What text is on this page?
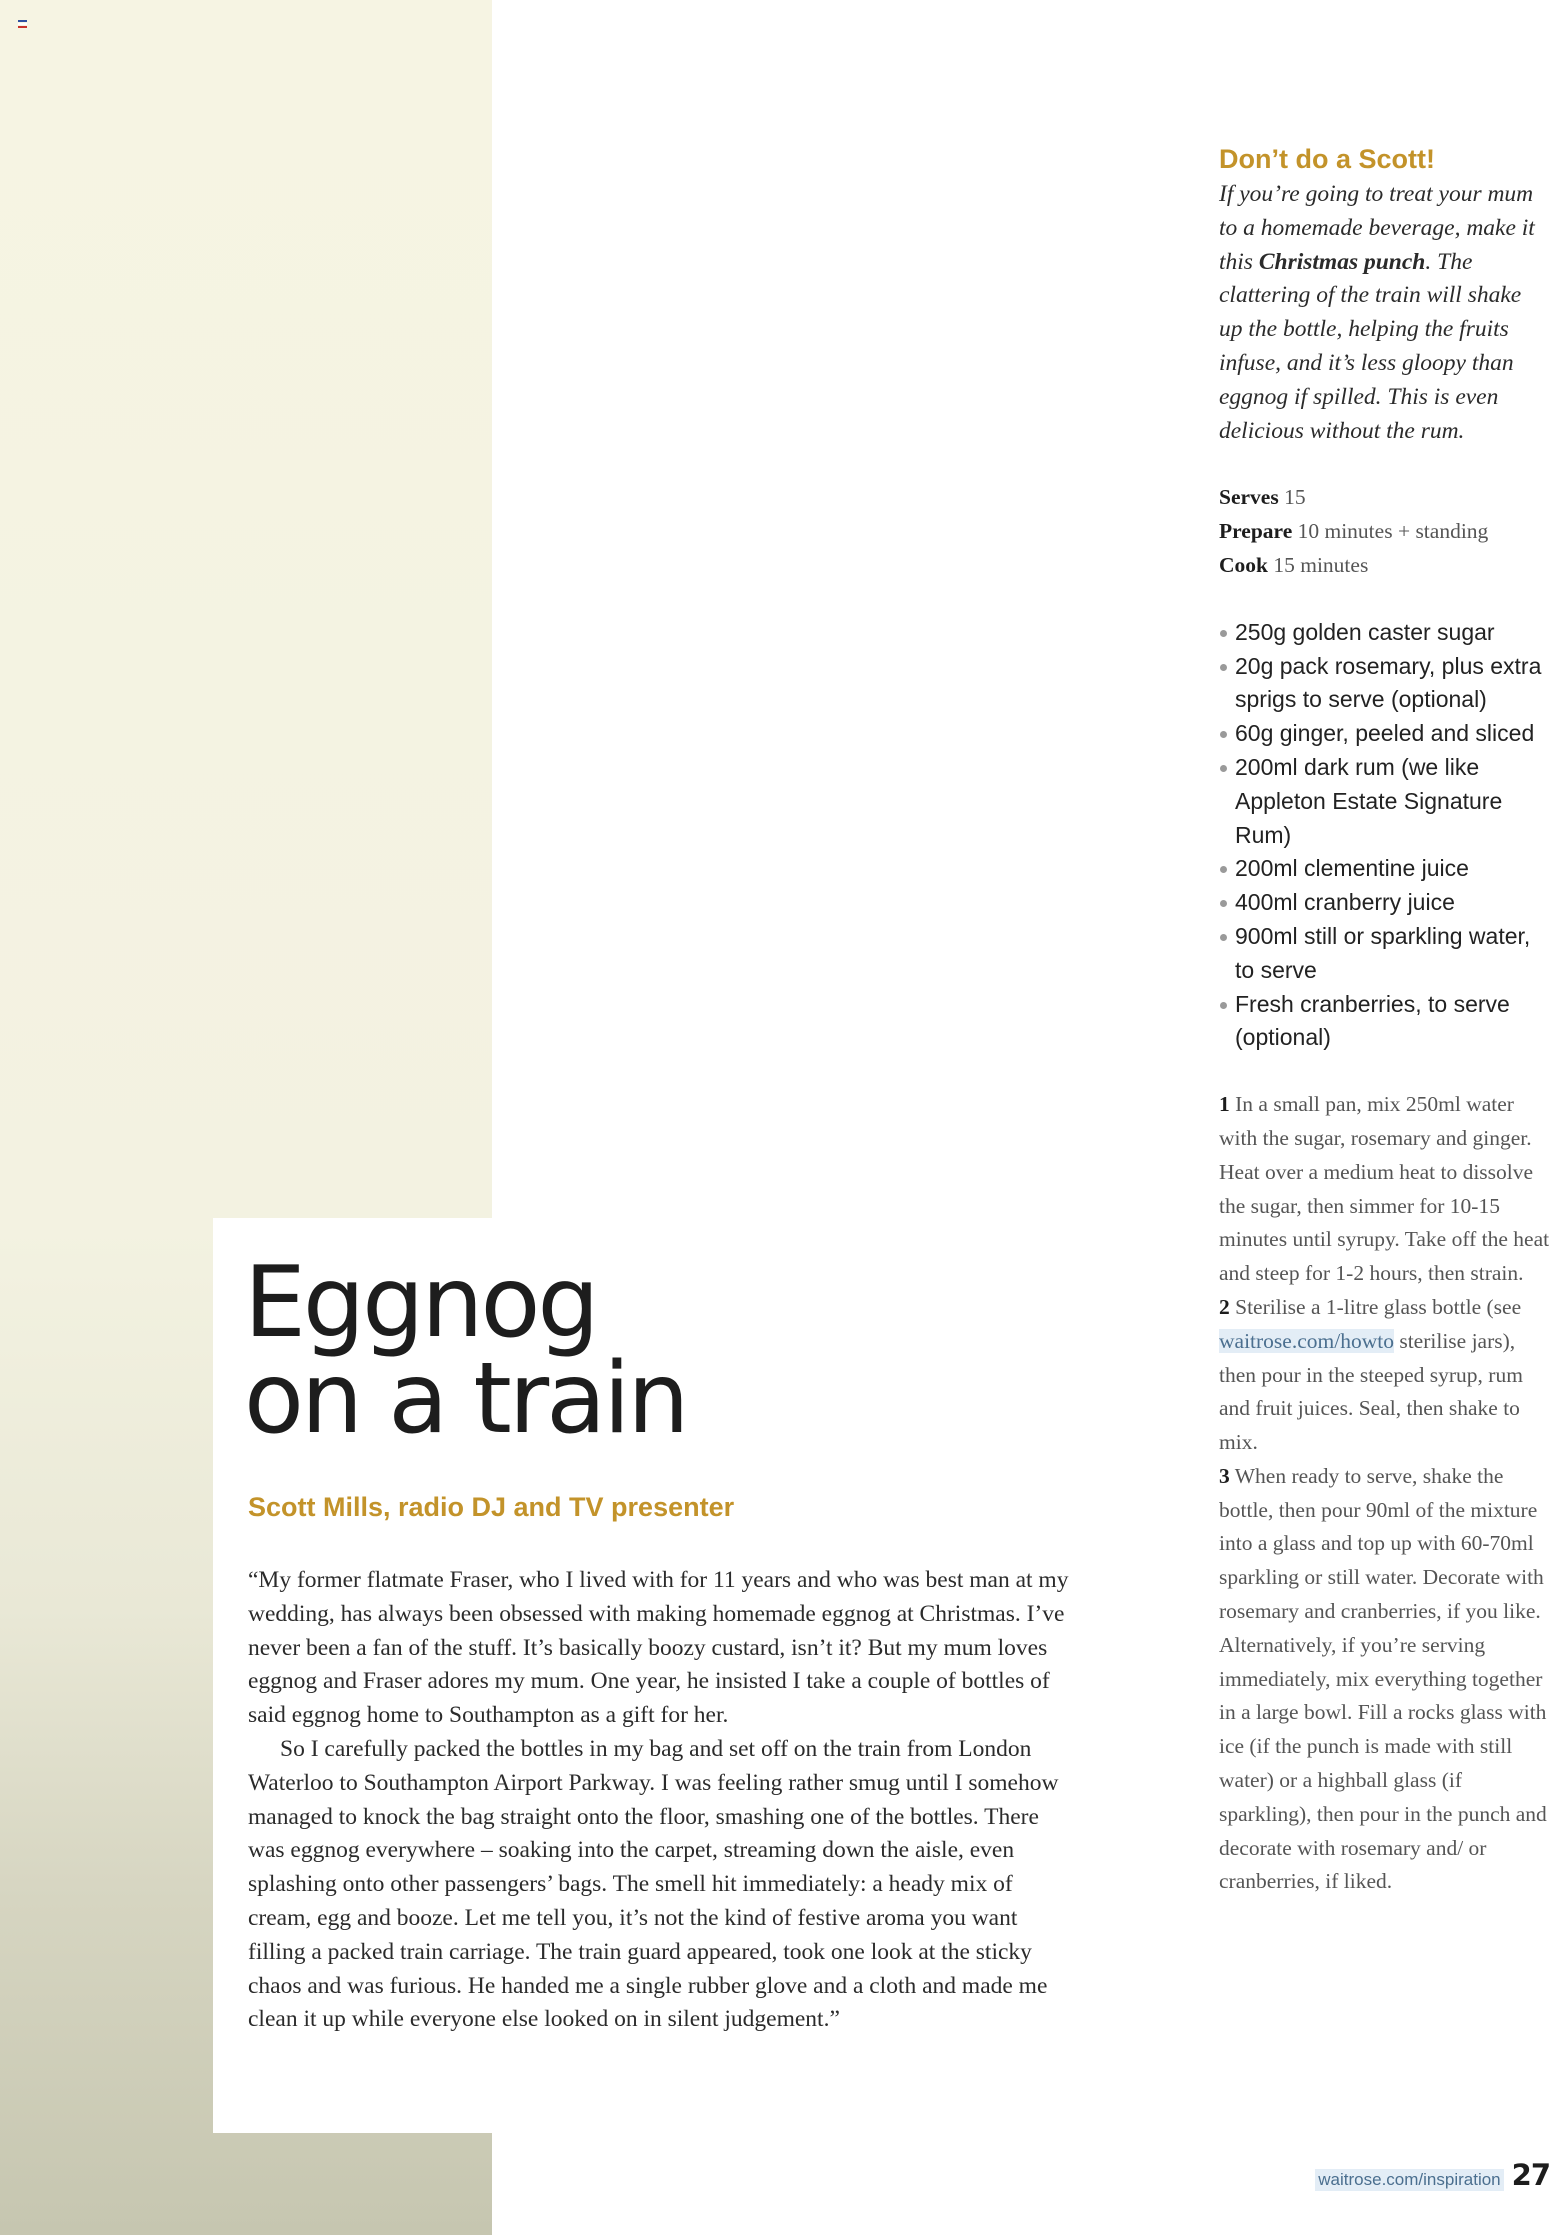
Eggnog
on a train
Scott Mills, radio DJ and TV presenter

“My former flatmate Fraser, who I lived with for 11 years and who was best man at my wedding, has always been obsessed with making homemade eggnog at Christmas. I’ve never been a fan of the stuff. It’s basically boozy custard, isn’t it? But my mum loves eggnog and Fraser adores my mum. One year, he insisted I take a couple of bottles of said eggnog home to Southampton as a gift for her.

So I carefully packed the bottles in my bag and set off on the train from London Waterloo to Southampton Airport Parkway. I was feeling rather smug until I somehow managed to knock the bag straight onto the floor, smashing one of the bottles. There was eggnog everywhere – soaking into the carpet, streaming down the aisle, even splashing onto other passengers’ bags. The smell hit immediately: a heady mix of cream, egg and booze. Let me tell you, it’s not the kind of festive aroma you want filling a packed train carriage. The train guard appeared, took one look at the sticky chaos and was furious. He handed me a single rubber glove and a cloth and made me clean it up while everyone else looked on in silent judgement.”

Don’t do a Scott!

If you’re going to treat your mum to a homemade beverage, make it this Christmas punch. The clattering of the train will shake up the bottle, helping the fruits infuse, and it’s less gloopy than eggnog if spilled. This is even delicious without the rum.

Serves 15
Prepare 10 minutes + standing
Cook 15 minutes
250g golden caster sugar
20g pack rosemary, plus extra sprigs to serve (optional)
60g ginger, peeled and sliced
200ml dark rum (we like Appleton Estate Signature Rum)
200ml clementine juice
400ml cranberry juice
900ml still or sparkling water, to serve
Fresh cranberries, to serve (optional)

1 In a small pan, mix 250ml water with the sugar, rosemary and ginger. Heat over a medium heat to dissolve the sugar, then simmer for 10-15 minutes until syrupy. Take off the heat and steep for 1-2 hours, then strain.

2 Sterilise a 1-litre glass bottle (see waitrose.com/howto sterilise jars), then pour in the steeped syrup, rum and fruit juices. Seal, then shake to mix.

3 When ready to serve, shake the bottle, then pour 90ml of the mixture into a glass and top up with 60-70ml sparkling or still water. Decorate with rosemary and cranberries, if you like. Alternatively, if you’re serving immediately, mix everything together in a large bowl. Fill a rocks glass with ice (if the punch is made with still water) or a highball glass (if sparkling), then pour in the punch and decorate with rosemary and/ or cranberries, if liked.

waitrose.com/inspiration 27
